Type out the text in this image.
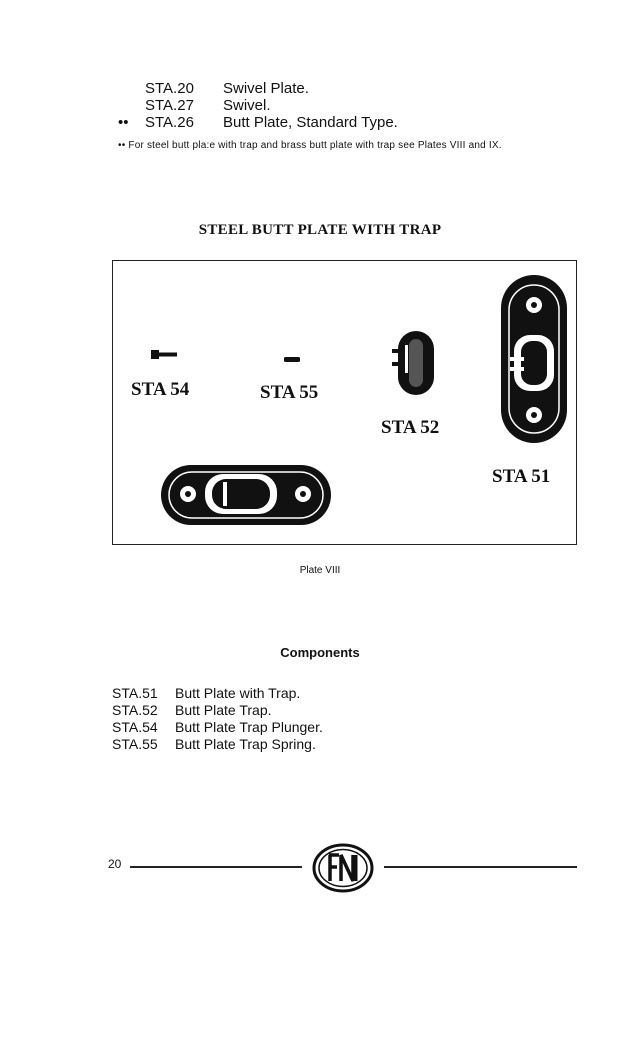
STA.20 Swivel Plate.
STA.27 Swivel.
••	STA.26 Butt Plate, Standard Type.
•• For steel butt pla:e with trap and brass butt plate with trap see Plates VIII and IX.
STEEL BUTT PLATE WITH TRAP
STA 54	STA 55
STA 52
STA 51
Plate VIII
Components
STA.51 Butt Plate with Trap.
STA.52 Butt Plate Trap.
STA.54 Butt Plate Trap Plunger.
STA.55 Butt Plate Trap Spring.
20
